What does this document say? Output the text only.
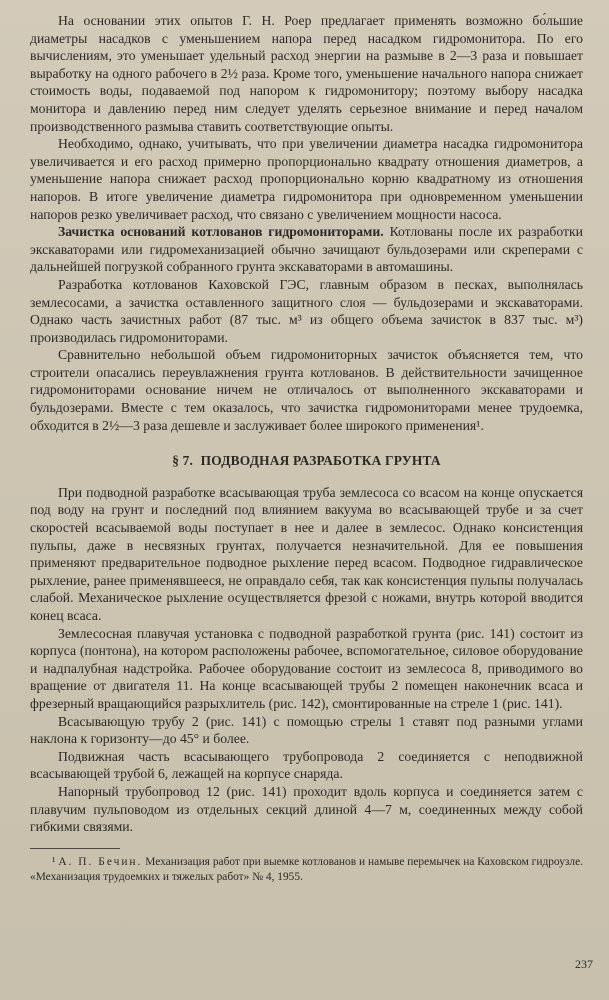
На основании этих опытов Г. Н. Роер предлагает применять возможно бо́льшие диаметры насадков с уменьшением напора перед насадком гидромонитора. По его вычислениям, это уменьшает удельный расход энергии на размыве в 2—3 раза и повышает выработку на одного рабочего в 2½ раза. Кроме того, уменьшение начального напора снижает стоимость воды, подаваемой под напором к гидромонитору; поэтому выбору насадка монитора и давлению перед ним следует уделять серьезное внимание и перед началом производственного размыва ставить соответствующие опыты.

Необходимо, однако, учитывать, что при увеличении диаметра насадка гидромонитора увеличивается и его расход примерно пропорционально квадрату отношения диаметров, а уменьшение напора снижает расход пропорционально корню квадратному из отношения напоров. В итоге увеличение диаметра гидромонитора при одновременном уменьшении напоров резко увеличивает расход, что связано с увеличением мощности насоса.

Зачистка оснований котлованов гидромониторами. Котлованы после их разработки экскаваторами или гидромеханизацией обычно зачищают бульдозерами или скреперами с дальнейшей погрузкой собранного грунта экскаваторами в автомашины.

Разработка котлованов Каховской ГЭС, главным образом в песках, выполнялась землесосами, а зачистка оставленного защитного слоя — бульдозерами и экскаваторами. Однако часть зачистных работ (87 тыс. м³ из общего объема зачисток в 837 тыс. м³) производилась гидромониторами.

Сравнительно небольшой объем гидромониторных зачисток объясняется тем, что строители опасались переувлажнения грунта котлованов. В действительности зачищенное гидромониторами основание ничем не отличалось от выполненного экскаваторами и бульдозерами. Вместе с тем оказалось, что зачистка гидромониторами менее трудоемка, обходится в 2½—3 раза дешевле и заслуживает более широкого применения¹.

§ 7. ПОДВОДНАЯ РАЗРАБОТКА ГРУНТА

При подводной разработке всасывающая труба землесоса со всасом на конце опускается под воду на грунт и последний под влиянием вакуума во всасывающей трубе и за счет скоростей всасываемой воды поступает в нее и далее в землесос. Однако консистенция пульпы, даже в несвязных грунтах, получается незначительной. Для ее повышения применяют предварительное подводное рыхление перед всасом. Подводное гидравлическое рыхление, ранее применявшееся, не оправдало себя, так как консистенция пульпы получалась слабой. Механическое рыхление осуществляется фрезой с ножами, внутрь которой вводится конец всаса.

Землесосная плавучая установка с подводной разработкой грунта (рис. 141) состоит из корпуса (понтона), на котором расположены рабочее, вспомогательное, силовое оборудование и надпалубная надстройка. Рабочее оборудование состоит из землесоса 8, приводимого во вращение от двигателя 11. На конце всасывающей трубы 2 помещен наконечник всаса и фрезерный вращающийся разрыхлитель (рис. 142), смонтированные на стреле 1 (рис. 141).

Всасывающую трубу 2 (рис. 141) с помощью стрелы 1 ставят под разными углами наклона к горизонту—до 45° и более.

Подвижная часть всасывающего трубопровода 2 соединяется с неподвижной всасывающей трубой 6, лежащей на корпусе снаряда.

Напорный трубопровод 12 (рис. 141) проходит вдоль корпуса и соединяется затем с плавучим пульповодом из отдельных секций длиной 4—7 м, соединенных между собой гибкими связями.

¹ А. П. Бечин. Механизация работ при выемке котлованов и намыве перемычек на Каховском гидроузле. «Механизация трудоемких и тяжелых работ» № 4, 1955.

237
